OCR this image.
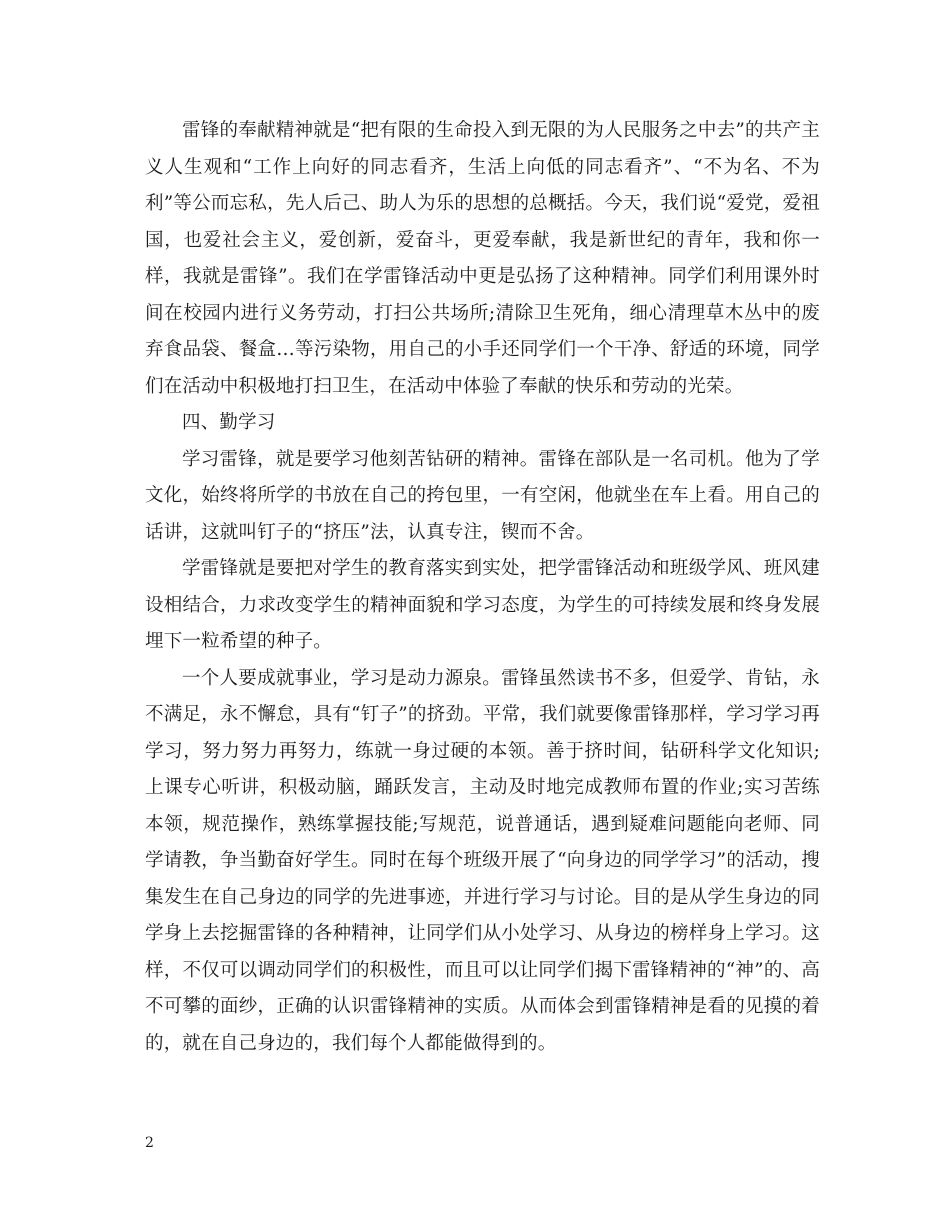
雷锋的奉献精神就是“把有限的生命投入到无限的为人民服务之中去”的共产主义人生观和“工作上向好的同志看齐，生活上向低的同志看齐”、“不为名、不为利”等公而忘私，先人后己、助人为乐的思想的总概括。今天，我们说“爱党，爱祖国，也爱社会主义，爱创新，爱奋斗，更爱奉献，我是新世纪的青年，我和你一样，我就是雷锋”。我们在学雷锋活动中更是弘扬了这种精神。同学们利用课外时间在校园内进行义务劳动，打扫公共场所;清除卫生死角，细心清理草木丛中的废弃食品袋、餐盒…等污染物，用自己的小手还同学们一个干净、舒适的环境，同学们在活动中积极地打扫卫生，在活动中体验了奉献的快乐和劳动的光荣。

四、勤学习

学习雷锋，就是要学习他刻苦钻研的精神。雷锋在部队是一名司机。他为了学文化，始终将所学的书放在自己的挎包里，一有空闲，他就坐在车上看。用自己的话讲，这就叫钉子的“挤压”法，认真专注，锲而不舍。

学雷锋就是要把对学生的教育落实到实处，把学雷锋活动和班级学风、班风建设相结合，力求改变学生的精神面貌和学习态度，为学生的可持续发展和终身发展埋下一粒希望的种子。

一个人要成就事业，学习是动力源泉。雷锋虽然读书不多，但爱学、肯钻，永不满足，永不懈怠，具有“钉子”的挤劲。平常，我们就要像雷锋那样，学习学习再学习，努力努力再努力，练就一身过硬的本领。善于挤时间，钻研科学文化知识;上课专心听讲，积极动脑，踊跃发言，主动及时地完成教师布置的作业;实习苦练本领，规范操作，熟练掌握技能;写规范，说普通话，遇到疑难问题能向老师、同学请教，争当勤奋好学生。同时在每个班级开展了“向身边的同学学习”的活动，搜集发生在自己身边的同学的先进事迹，并进行学习与讨论。目的是从学生身边的同学身上去挖掘雷锋的各种精神，让同学们从小处学习、从身边的榜样身上学习。这样，不仅可以调动同学们的积极性，而且可以让同学们揭下雷锋精神的“神”的、高不可攀的面纱，正确的认识雷锋精神的实质。从而体会到雷锋精神是看的见摸的着的，就在自己身边的，我们每个人都能做得到的。

2
